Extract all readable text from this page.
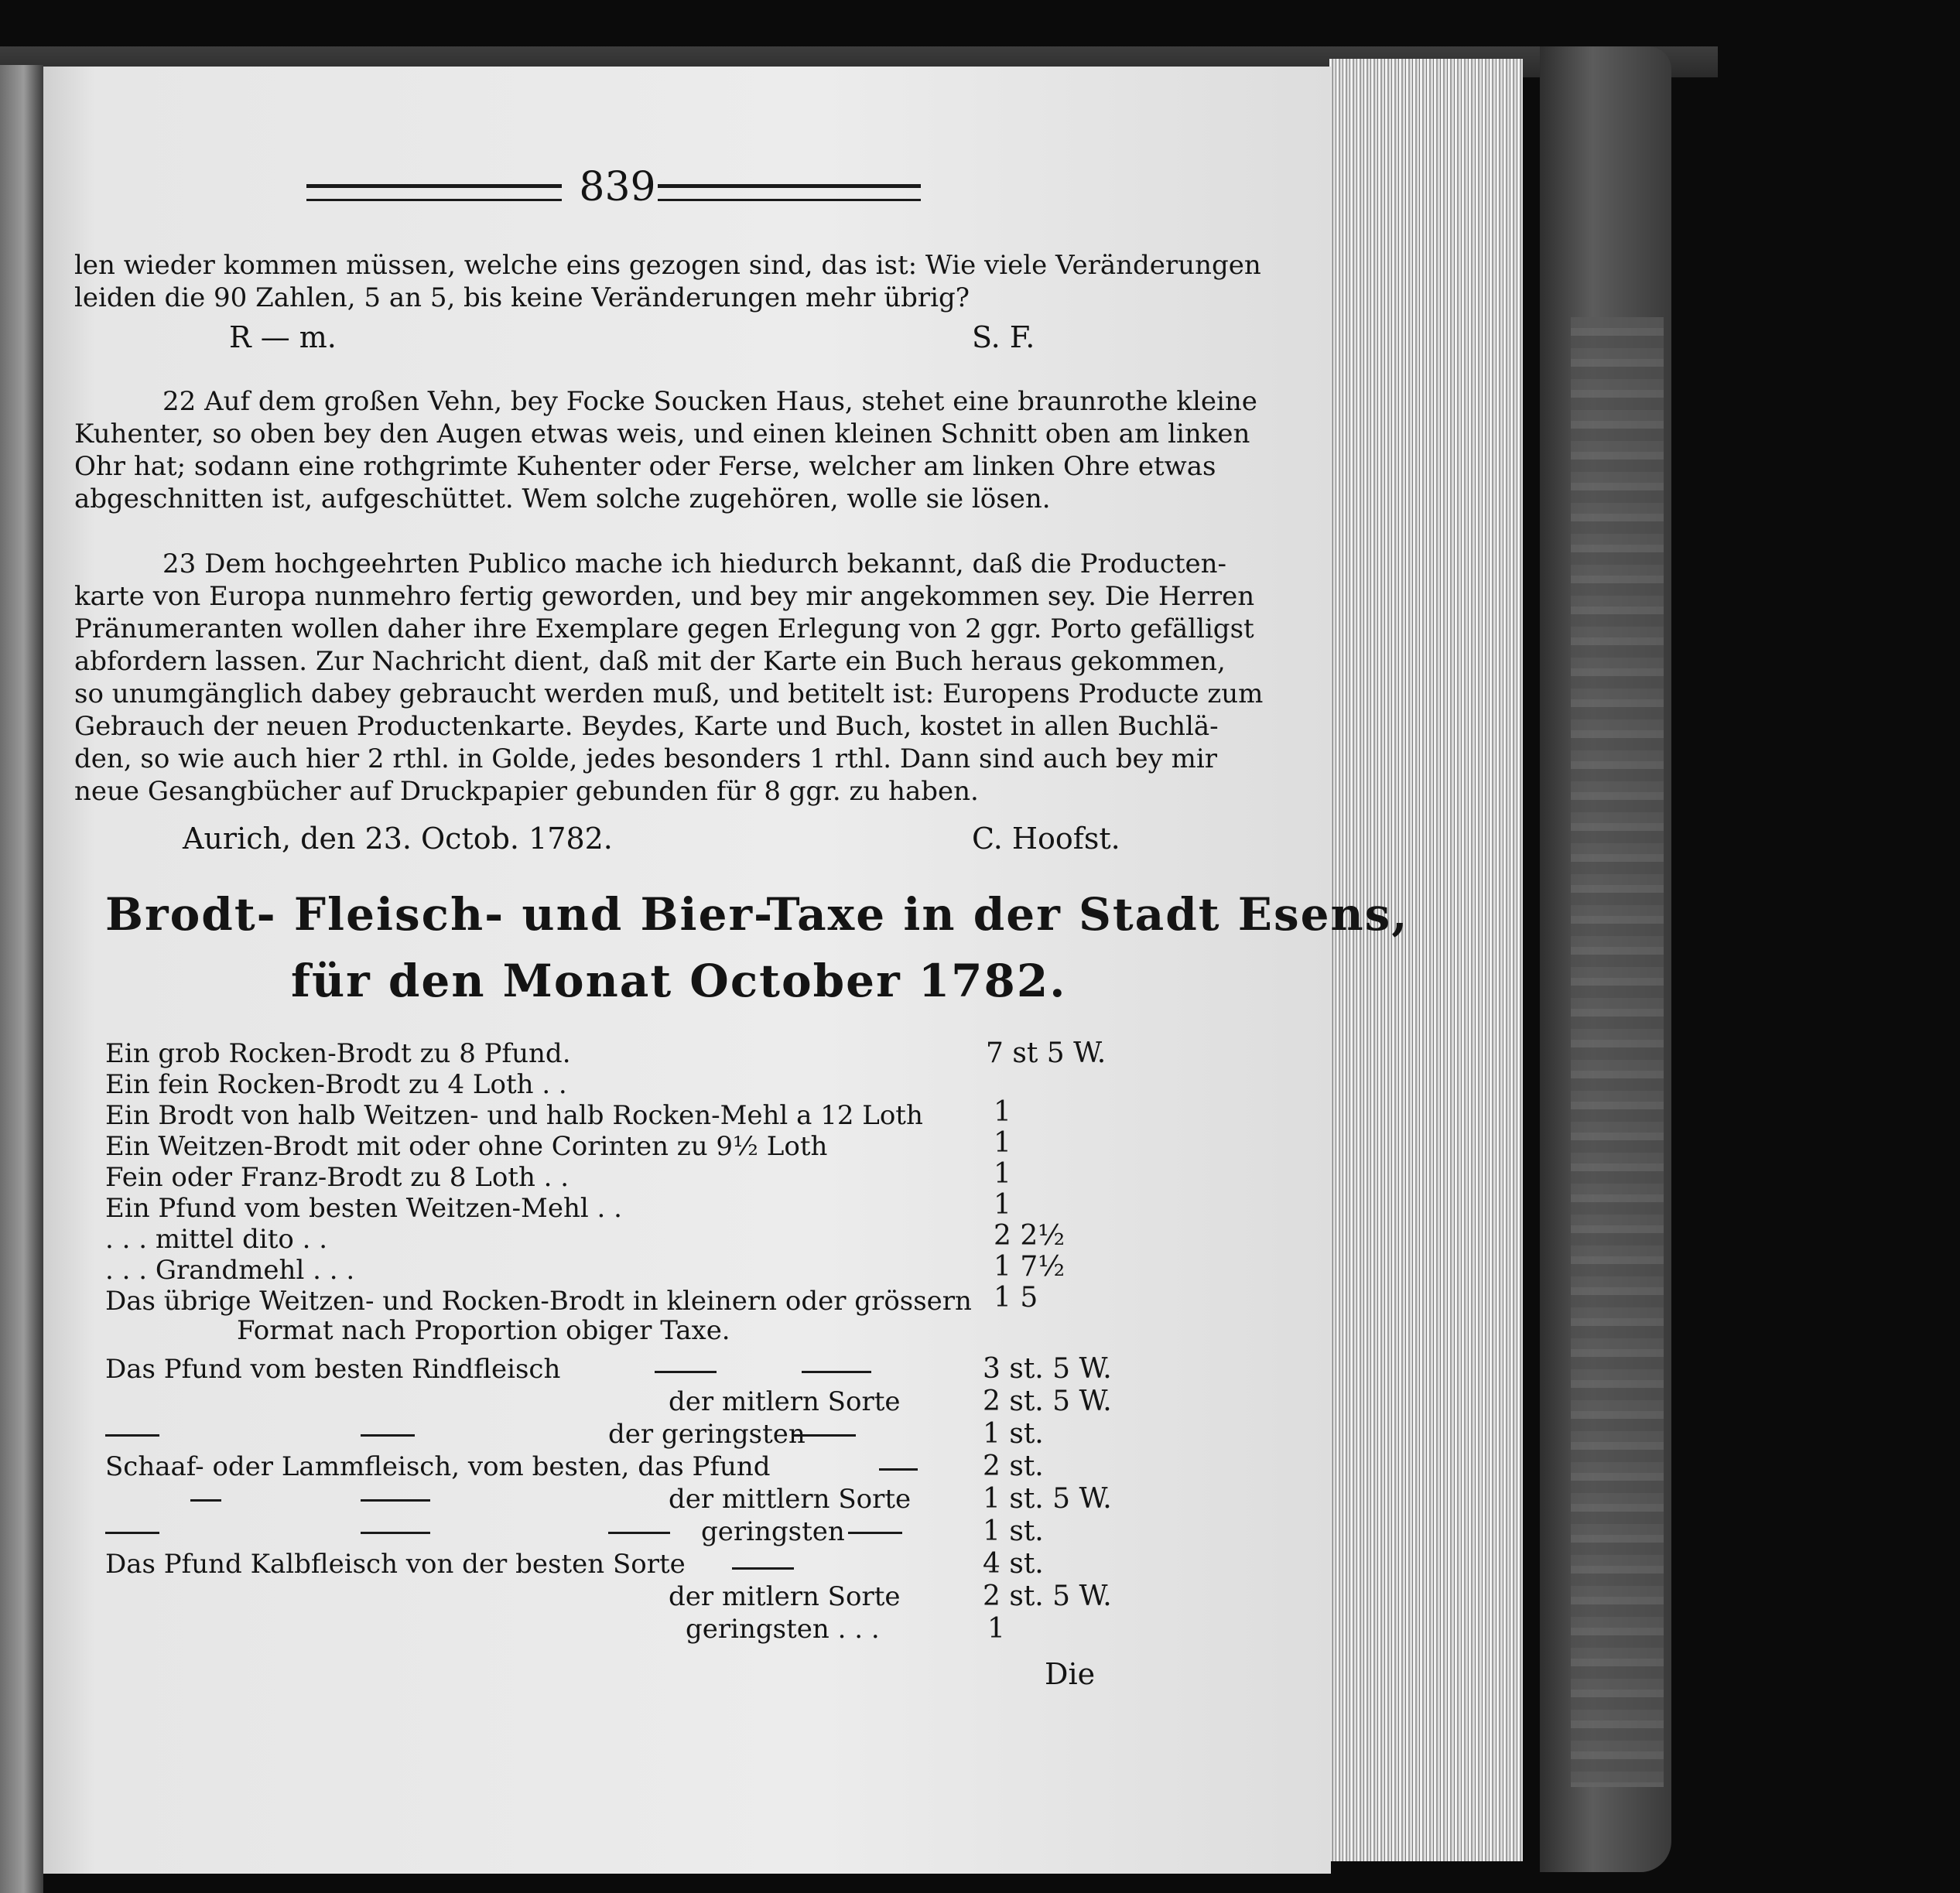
839
len wieder kommen müssen, welche eins gezogen sind, das ist: Wie viele Veränderungen
leiden die 90 Zahlen, 5 an 5, bis keine Veränderungen mehr übrig?
R — m.	S. F.
22 Auf dem großen Vehn, bey Focke Soucken Haus, stehet eine braunrothe kleine
Kuhenter, so oben bey den Augen etwas weis, und einen kleinen Schnitt oben am linken
Ohr hat; sodann eine rothgrimte Kuhenter oder Ferse, welcher am linken Ohre etwas
abgeschnitten ist, aufgeschüttet. Wem solche zugehören, wolle sie lösen.
23 Dem hochgeehrten Publico mache ich hiedurch bekannt, daß die Producten-
karte von Europa nunmehro fertig geworden, und bey mir angekommen sey. Die Herren
Pränumeranten wollen daher ihre Exemplare gegen Erlegung von 2 ggr. Porto gefälligst
abfordern lassen. Zur Nachricht dient, daß mit der Karte ein Buch heraus gekommen,
so unumgänglich dabey gebraucht werden muß, und betitelt ist: Europens Producte zum
Gebrauch der neuen Productenkarte. Beydes, Karte und Buch, kostet in allen Buchlä-
den, so wie auch hier 2 rthl. in Golde, jedes besonders 1 rthl. Dann sind auch bey mir
neue Gesangbücher auf Druckpapier gebunden für 8 ggr. zu haben.
Aurich, den 23. Octob. 1782.	C. Hoofst.
Brodt- Fleisch- und Bier-Taxe in der Stadt Esens,
für den Monat October 1782.
Ein grob Rocken-Brodt zu 8 Pfund.
Ein fein Rocken-Brodt zu 4 Loth . .
Ein Brodt von halb Weitzen- und halb Rocken-Mehl a 12 Loth
Ein Weitzen-Brodt mit oder ohne Corinten zu 9½ Loth
Fein oder Franz-Brodt zu 8 Loth . .
Ein Pfund vom besten Weitzen-Mehl . .
. . . mittel dito . .
. . . Grandmehl . . .
Das übrige Weitzen- und Rocken-Brodt in kleinern oder grössern
Format nach Proportion obiger Taxe.
Das Pfund vom besten Rindfleisch
der mitlern Sorte
der geringsten
Schaaf- oder Lammfleisch, vom besten, das Pfund
der mittlern Sorte
geringsten
Das Pfund Kalbfleisch von der besten Sorte
der mitlern Sorte
geringsten . . .
7 st 5 W.
1
1
1
1
2 2½
1 7½
1 5
3 st. 5 W.
2 st. 5 W.
1 st.
2 st.
1 st. 5 W.
1 st.
4 st.
2 st. 5 W.
1
Die
